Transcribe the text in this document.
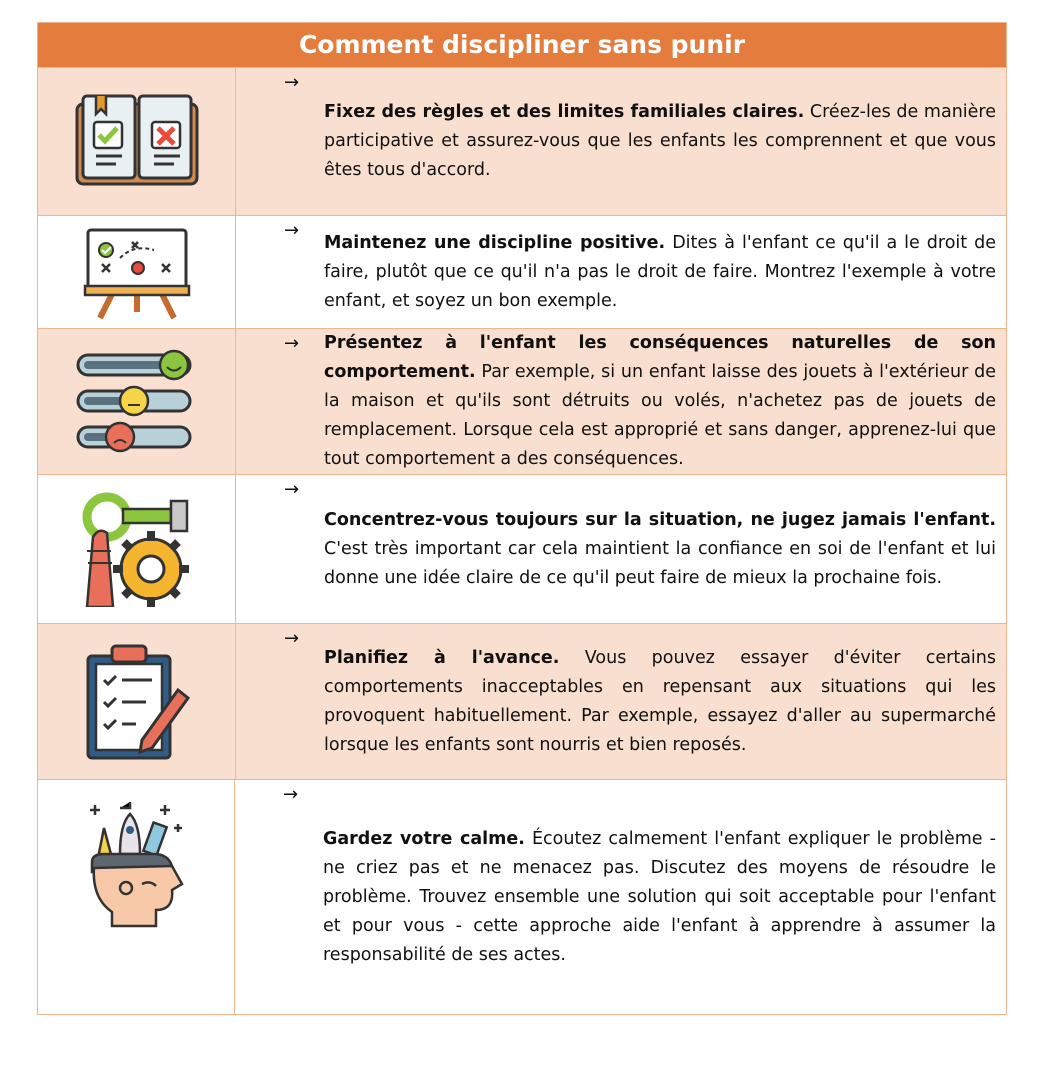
Comment discipliner sans punir
→
Fixez des règles et des limites familiales claires. Créez-les de manière participative et assurez-vous que les enfants les comprennent et que vous êtes tous d'accord.
→
Maintenez une discipline positive. Dites à l'enfant ce qu'il a le droit de faire, plutôt que ce qu'il n'a pas le droit de faire. Montrez l'exemple à votre enfant, et soyez un bon exemple.
→	Présentez à l'enfant les conséquences naturelles de son comportement. Par exemple, si un enfant laisse des jouets à l'extérieur de la maison et qu'ils sont détruits ou volés, n'achetez pas de jouets de remplacement. Lorsque cela est approprié et sans danger, apprenez-lui que tout comportement a des conséquences.
→
Concentrez-vous toujours sur la situation, ne jugez jamais l'enfant. C'est très important car cela maintient la confiance en soi de l'enfant et lui donne une idée claire de ce qu'il peut faire de mieux la prochaine fois.
→
Planifiez à l'avance. Vous pouvez essayer d'éviter certains comportements inacceptables en repensant aux situations qui les provoquent habituellement. Par exemple, essayez d'aller au supermarché lorsque les enfants sont nourris et bien reposés.
→
Gardez votre calme. Écoutez calmement l'enfant expliquer le problème - ne criez pas et ne menacez pas. Discutez des moyens de résoudre le problème. Trouvez ensemble une solution qui soit acceptable pour l'enfant et pour vous - cette approche aide l'enfant à apprendre à assumer la responsabilité de ses actes.
